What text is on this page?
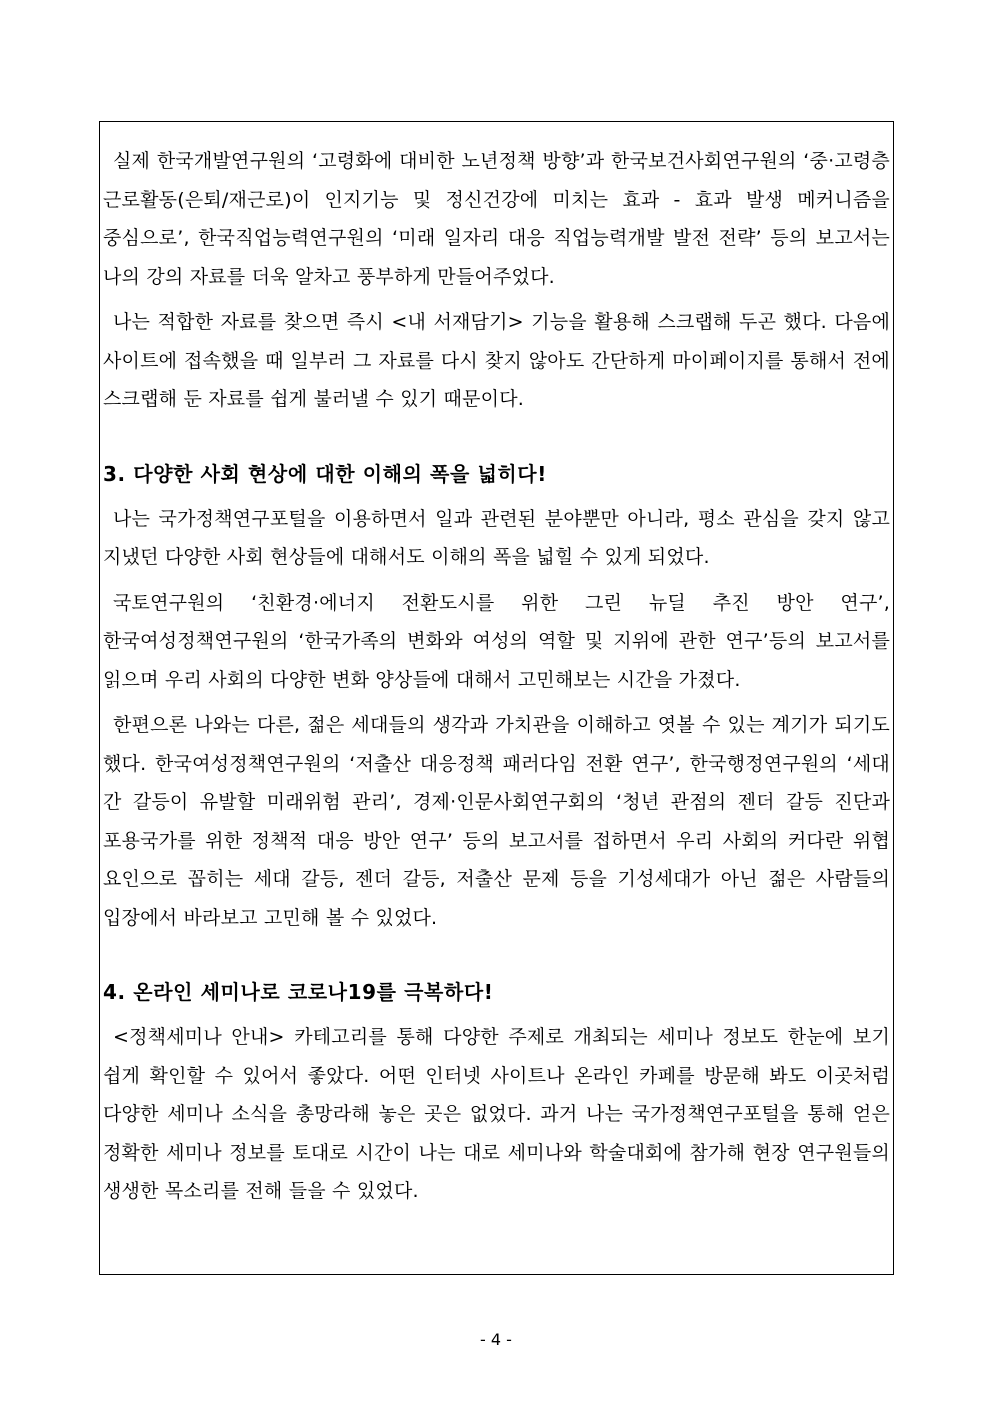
실제 한국개발연구원의 ‘고령화에 대비한 노년정책 방향’과 한국보건사회연구원의 ‘중·고령층 근로활동(은퇴/재근로)이 인지기능 및 정신건강에 미치는 효과 - 효과 발생 메커니즘을 중심으로’, 한국직업능력연구원의 ‘미래 일자리 대응 직업능력개발 발전 전략’ 등의 보고서는 나의 강의 자료를 더욱 알차고 풍부하게 만들어주었다.

나는 적합한 자료를 찾으면 즉시 <내 서재담기> 기능을 활용해 스크랩해 두곤 했다. 다음에 사이트에 접속했을 때 일부러 그 자료를 다시 찾지 않아도 간단하게 마이페이지를 통해서 전에 스크랩해 둔 자료를 쉽게 불러낼 수 있기 때문이다.

3. 다양한 사회 현상에 대한 이해의 폭을 넓히다!

나는 국가정책연구포털을 이용하면서 일과 관련된 분야뿐만 아니라, 평소 관심을 갖지 않고 지냈던 다양한 사회 현상들에 대해서도 이해의 폭을 넓힐 수 있게 되었다.

국토연구원의 ‘친환경·에너지 전환도시를 위한 그린 뉴딜 추진 방안 연구’, 한국여성정책연구원의 ‘한국가족의 변화와 여성의 역할 및 지위에 관한 연구’등의 보고서를 읽으며 우리 사회의 다양한 변화 양상들에 대해서 고민해보는 시간을 가졌다.

한편으론 나와는 다른, 젊은 세대들의 생각과 가치관을 이해하고 엿볼 수 있는 계기가 되기도 했다. 한국여성정책연구원의 ‘저출산 대응정책 패러다임 전환 연구’, 한국행정연구원의 ‘세대 간 갈등이 유발할 미래위험 관리’, 경제·인문사회연구회의 ‘청년 관점의 젠더 갈등 진단과 포용국가를 위한 정책적 대응 방안 연구’ 등의 보고서를 접하면서 우리 사회의 커다란 위협 요인으로 꼽히는 세대 갈등, 젠더 갈등, 저출산 문제 등을 기성세대가 아닌 젊은 사람들의 입장에서 바라보고 고민해 볼 수 있었다.

4. 온라인 세미나로 코로나19를 극복하다!

<정책세미나 안내> 카테고리를 통해 다양한 주제로 개최되는 세미나 정보도 한눈에 보기 쉽게 확인할 수 있어서 좋았다. 어떤 인터넷 사이트나 온라인 카페를 방문해 봐도 이곳처럼 다양한 세미나 소식을 총망라해 놓은 곳은 없었다. 과거 나는 국가정책연구포털을 통해 얻은 정확한 세미나 정보를 토대로 시간이 나는 대로 세미나와 학술대회에 참가해 현장 연구원들의 생생한 목소리를 전해 들을 수 있었다.

- 4 -
